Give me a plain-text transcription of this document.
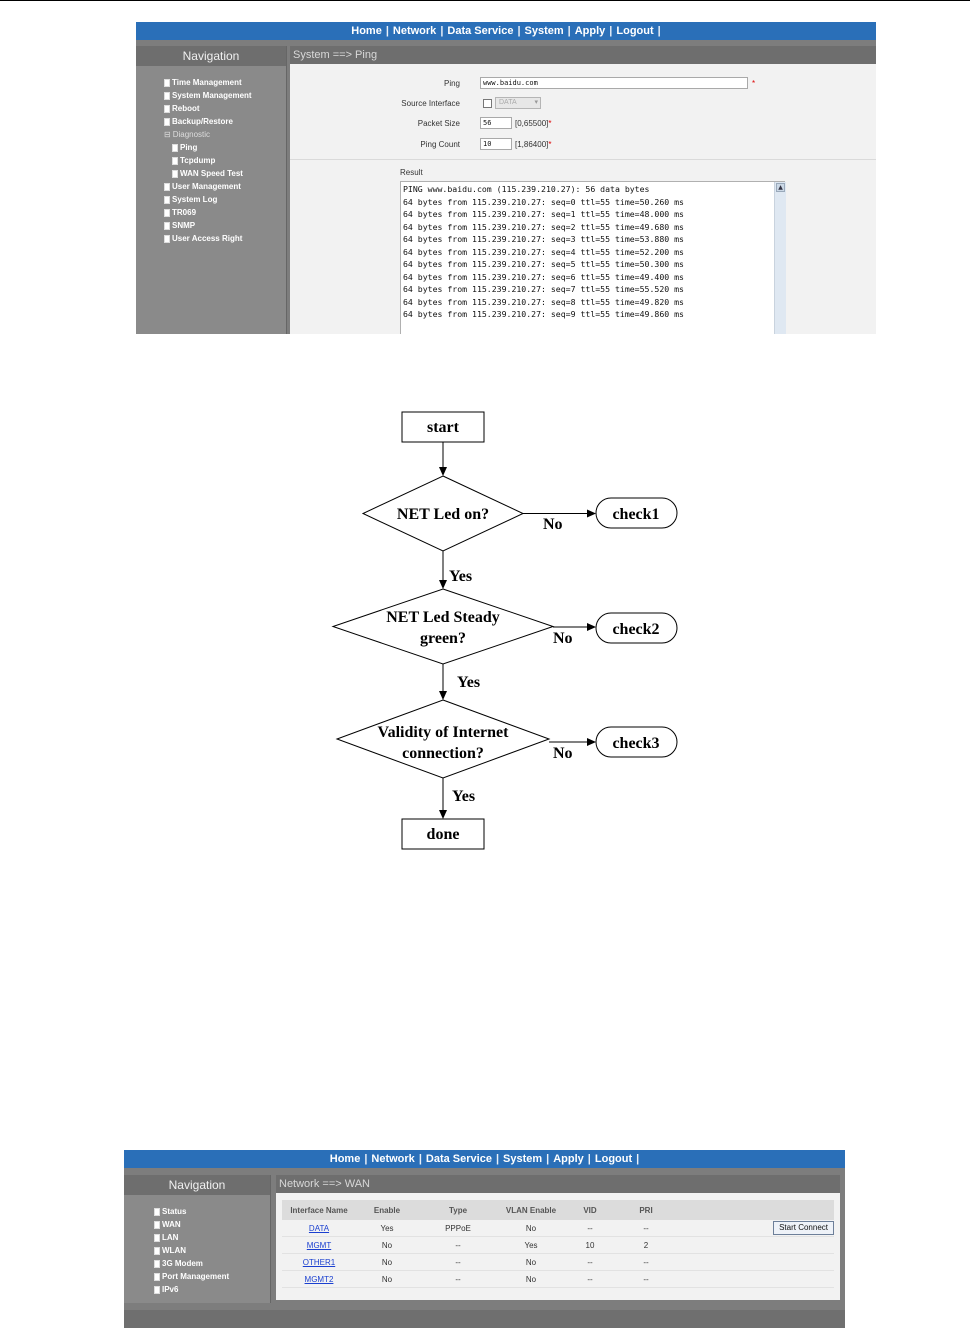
Home | Network | Data Service | System | Apply | Logout |
Navigation
Time Management
System Management
Reboot
Backup/Restore
⊟ Diagnostic
Ping
Tcpdump
WAN Speed Test
User Management
System Log
TR069
SNMP
User Access Right
System ==> Ping
Ping	www.baidu.com	*
Source Interface	DATA	▾
Packet Size	56	[0,65500]*
Ping Count	10	[1,86400]*
Result
PING www.baidu.com (115.239.210.27): 56 data bytes
64 bytes from 115.239.210.27: seq=0 ttl=55 time=50.260 ms
64 bytes from 115.239.210.27: seq=1 ttl=55 time=48.000 ms
64 bytes from 115.239.210.27: seq=2 ttl=55 time=49.680 ms
64 bytes from 115.239.210.27: seq=3 ttl=55 time=53.880 ms
64 bytes from 115.239.210.27: seq=4 ttl=55 time=52.200 ms
64 bytes from 115.239.210.27: seq=5 ttl=55 time=50.300 ms
64 bytes from 115.239.210.27: seq=6 ttl=55 time=49.400 ms
64 bytes from 115.239.210.27: seq=7 ttl=55 time=55.520 ms
64 bytes from 115.239.210.27: seq=8 ttl=55 time=49.820 ms
64 bytes from 115.239.210.27: seq=9 ttl=55 time=49.860 ms
▲
start
NET Led on?
NET Led Steady
green?
Validity of Internet
connection?
done
check1
check2
check3
Yes
Yes
Yes
No
No
No
Home | Network | Data Service | System | Apply | Logout |
Navigation
Status
WAN
LAN
WLAN
3G Modem
Port Management
IPv6
Network ==> WAN
Interface Name	Enable	Type	VLAN Enable	VID	PRI	
DATA	Yes	PPPoE	No	--	--	Start Connect
MGMT	No	--	Yes	10	2	
OTHER1	No	--	No	--	--	
MGMT2	No	--	No	--	--	
